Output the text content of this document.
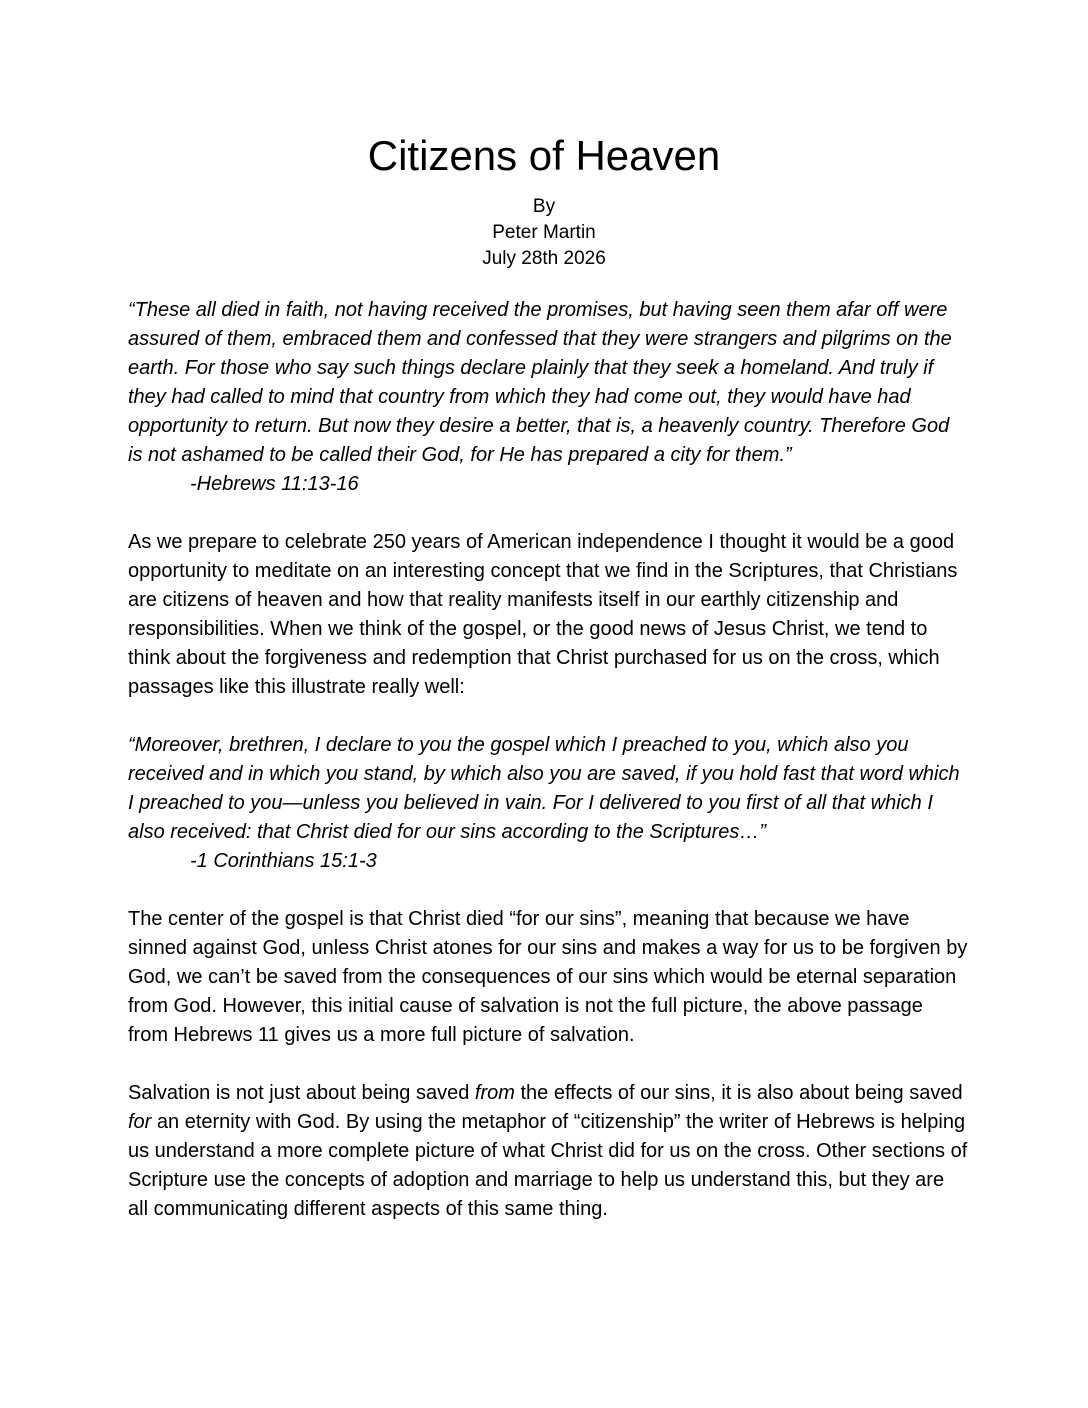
Citizens of Heaven
By
Peter Martin
July 28th 2026

“These all died in faith, not having received the promises, but having seen them afar off were assured of them, embraced them and confessed that they were strangers and pilgrims on the earth. For those who say such things declare plainly that they seek a homeland. And truly if they had called to mind that country from which they had come out, they would have had opportunity to return. But now they desire a better, that is, a heavenly country. Therefore God is not ashamed to be called their God, for He has prepared a city for them.”

-Hebrews 11:13-16

As we prepare to celebrate 250 years of American independence I thought it would be a good opportunity to meditate on an interesting concept that we find in the Scriptures, that Christians are citizens of heaven and how that reality manifests itself in our earthly citizenship and responsibilities. When we think of the gospel, or the good news of Jesus Christ, we tend to think about the forgiveness and redemption that Christ purchased for us on the cross, which passages like this illustrate really well:

“Moreover, brethren, I declare to you the gospel which I preached to you, which also you received and in which you stand, by which also you are saved, if you hold fast that word which I preached to you—unless you believed in vain. For I delivered to you first of all that which I also received: that Christ died for our sins according to the Scriptures…”

-1 Corinthians 15:1-3

The center of the gospel is that Christ died “for our sins”, meaning that because we have sinned against God, unless Christ atones for our sins and makes a way for us to be forgiven by God, we can’t be saved from the consequences of our sins which would be eternal separation from God. However, this initial cause of salvation is not the full picture, the above passage from Hebrews 11 gives us a more full picture of salvation.

Salvation is not just about being saved from the effects of our sins, it is also about being saved for an eternity with God. By using the metaphor of “citizenship” the writer of Hebrews is helping us understand a more complete picture of what Christ did for us on the cross. Other sections of Scripture use the concepts of adoption and marriage to help us understand this, but they are all communicating different aspects of this same thing.
